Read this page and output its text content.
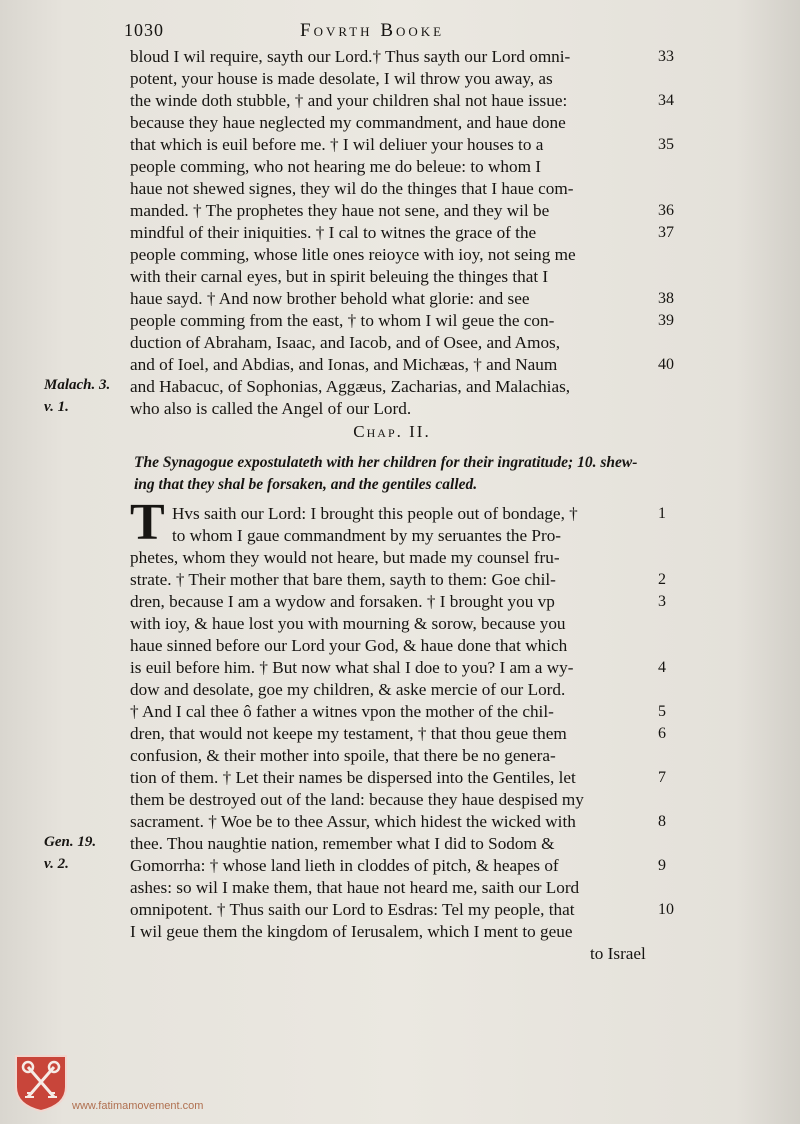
1030	Fovrth Booke
bloud I wil require, sayth our Lord.† Thus sayth our Lord omni-	33
potent, your house is made desolate, I wil throw you away, as
the winde doth stubble, † and your children shal not haue issue:	34
because they haue neglected my commandment, and haue done
that which is euil before me. † I wil deliuer your houses to a	35
people comming, who not hearing me do beleue: to whom I
haue not shewed signes, they wil do the thinges that I haue com-
manded. † The prophetes they haue not sene, and they wil be	36
mindful of their iniquities. † I cal to witnes the grace of the	37
people comming, whose litle ones reioyce with ioy, not seing me
with their carnal eyes, but in spirit beleuing the thinges that I
haue sayd. † And now brother behold what glorie: and see	38
people comming from the east, † to whom I wil geue the con-	39
duction of Abraham, Isaac, and Iacob, and of Osee, and Amos,
and of Ioel, and Abdias, and Ionas, and Michæas, † and Naum	40
and Habacuc, of Sophonias, Aggæus, Zacharias, and Malachias,
who also is called the Angel of our Lord.
Malach. 3.
v. 1.
Chap. II.
The Synagogue expostulateth with her children for their ingratitude; 10. shew-
ing that they shal be forsaken, and the gentiles called.
T Hvs saith our Lord: I brought this people out of bondage, †	1
to whom I gaue commandment by my seruantes the Pro-
phetes, whom they would not heare, but made my counsel fru-
strate. † Their mother that bare them, sayth to them: Goe chil-	2
dren, because I am a wydow and forsaken. † I brought you vp	3
with ioy, & haue lost you with mourning & sorow, because you
haue sinned before our Lord your God, & haue done that which
is euil before him. † But now what shal I doe to you? I am a wy-	4
dow and desolate, goe my children, & aske mercie of our Lord.
† And I cal thee ô father a witnes vpon the mother of the chil-	5
dren, that would not keepe my testament, † that thou geue them	6
confusion, & their mother into spoile, that there be no genera-
tion of them. † Let their names be dispersed into the Gentiles, let	7
them be destroyed out of the land: because they haue despised my
sacrament. † Woe be to thee Assur, which hidest the wicked with	8
thee. Thou naughtie nation, remember what I did to Sodom &
Gomorrha: † whose land lieth in cloddes of pitch, & heapes of	9
ashes: so wil I make them, that haue not heard me, saith our Lord
omnipotent. † Thus saith our Lord to Esdras: Tel my people, that	10
I wil geue them the kingdom of Ierusalem, which I ment to geue
to Israel
Gen. 19.
v. 2.
www.fatimamovement.com
